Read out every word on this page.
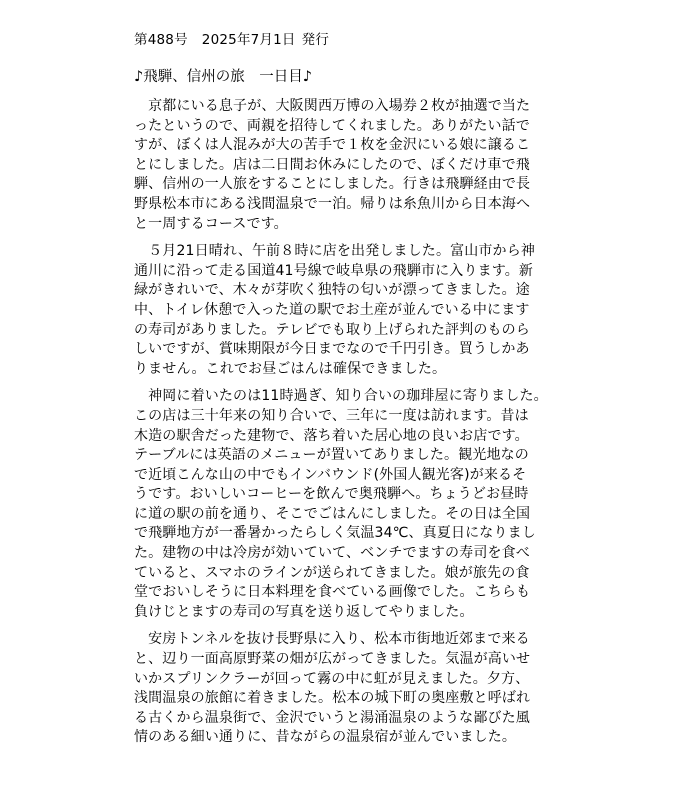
第488号 2025年7月1日 発行
♪飛騨、信州の旅　一日目♪
　京都にいる息子が、大阪関西万博の入場券２枚が抽選で当た
ったというので、両親を招待してくれました。ありがたい話で
すが、ぼくは人混みが大の苦手で１枚を金沢にいる娘に譲るこ
とにしました。店は二日間お休みにしたので、ぼくだけ車で飛
騨、信州の一人旅をすることにしました。行きは飛騨経由で長
野県松本市にある浅間温泉で一泊。帰りは糸魚川から日本海へ
と一周するコースです。
　５月21日晴れ、午前８時に店を出発しました。富山市から神
通川に沿って走る国道41号線で岐阜県の飛騨市に入ります。新
緑がきれいで、木々が芽吹く独特の匂いが漂ってきました。途
中、トイレ休憩で入った道の駅でお土産が並んでいる中にます
の寿司がありました。テレビでも取り上げられた評判のものら
しいですが、賞味期限が今日までなので千円引き。買うしかあ
りません。これでお昼ごはんは確保できました。
　神岡に着いたのは11時過ぎ、知り合いの珈琲屋に寄りました。
この店は三十年来の知り合いで、三年に一度は訪れます。昔は
木造の駅舎だった建物で、落ち着いた居心地の良いお店です。
テーブルには英語のメニューが置いてありました。観光地なの
で近頃こんな山の中でもインバウンド(外国人観光客)が来るそ
うです。おいしいコーヒーを飲んで奥飛騨へ。ちょうどお昼時
に道の駅の前を通り、そこでごはんにしました。その日は全国
で飛騨地方が一番暑かったらしく気温34℃、真夏日になりまし
た。建物の中は冷房が効いていて、ベンチでますの寿司を食べ
ていると、スマホのラインが送られてきました。娘が旅先の食
堂でおいしそうに日本料理を食べている画像でした。こちらも
負けじとますの寿司の写真を送り返してやりました。
　安房トンネルを抜け長野県に入り、松本市街地近郊まで来る
と、辺り一面高原野菜の畑が広がってきました。気温が高いせ
いかスプリンクラーが回って霧の中に虹が見えました。夕方、
浅間温泉の旅館に着きました。松本の城下町の奥座敷と呼ばれ
る古くから温泉街で、金沢でいうと湯涌温泉のような鄙びた風
情のある細い通りに、昔ながらの温泉宿が並んでいました。
